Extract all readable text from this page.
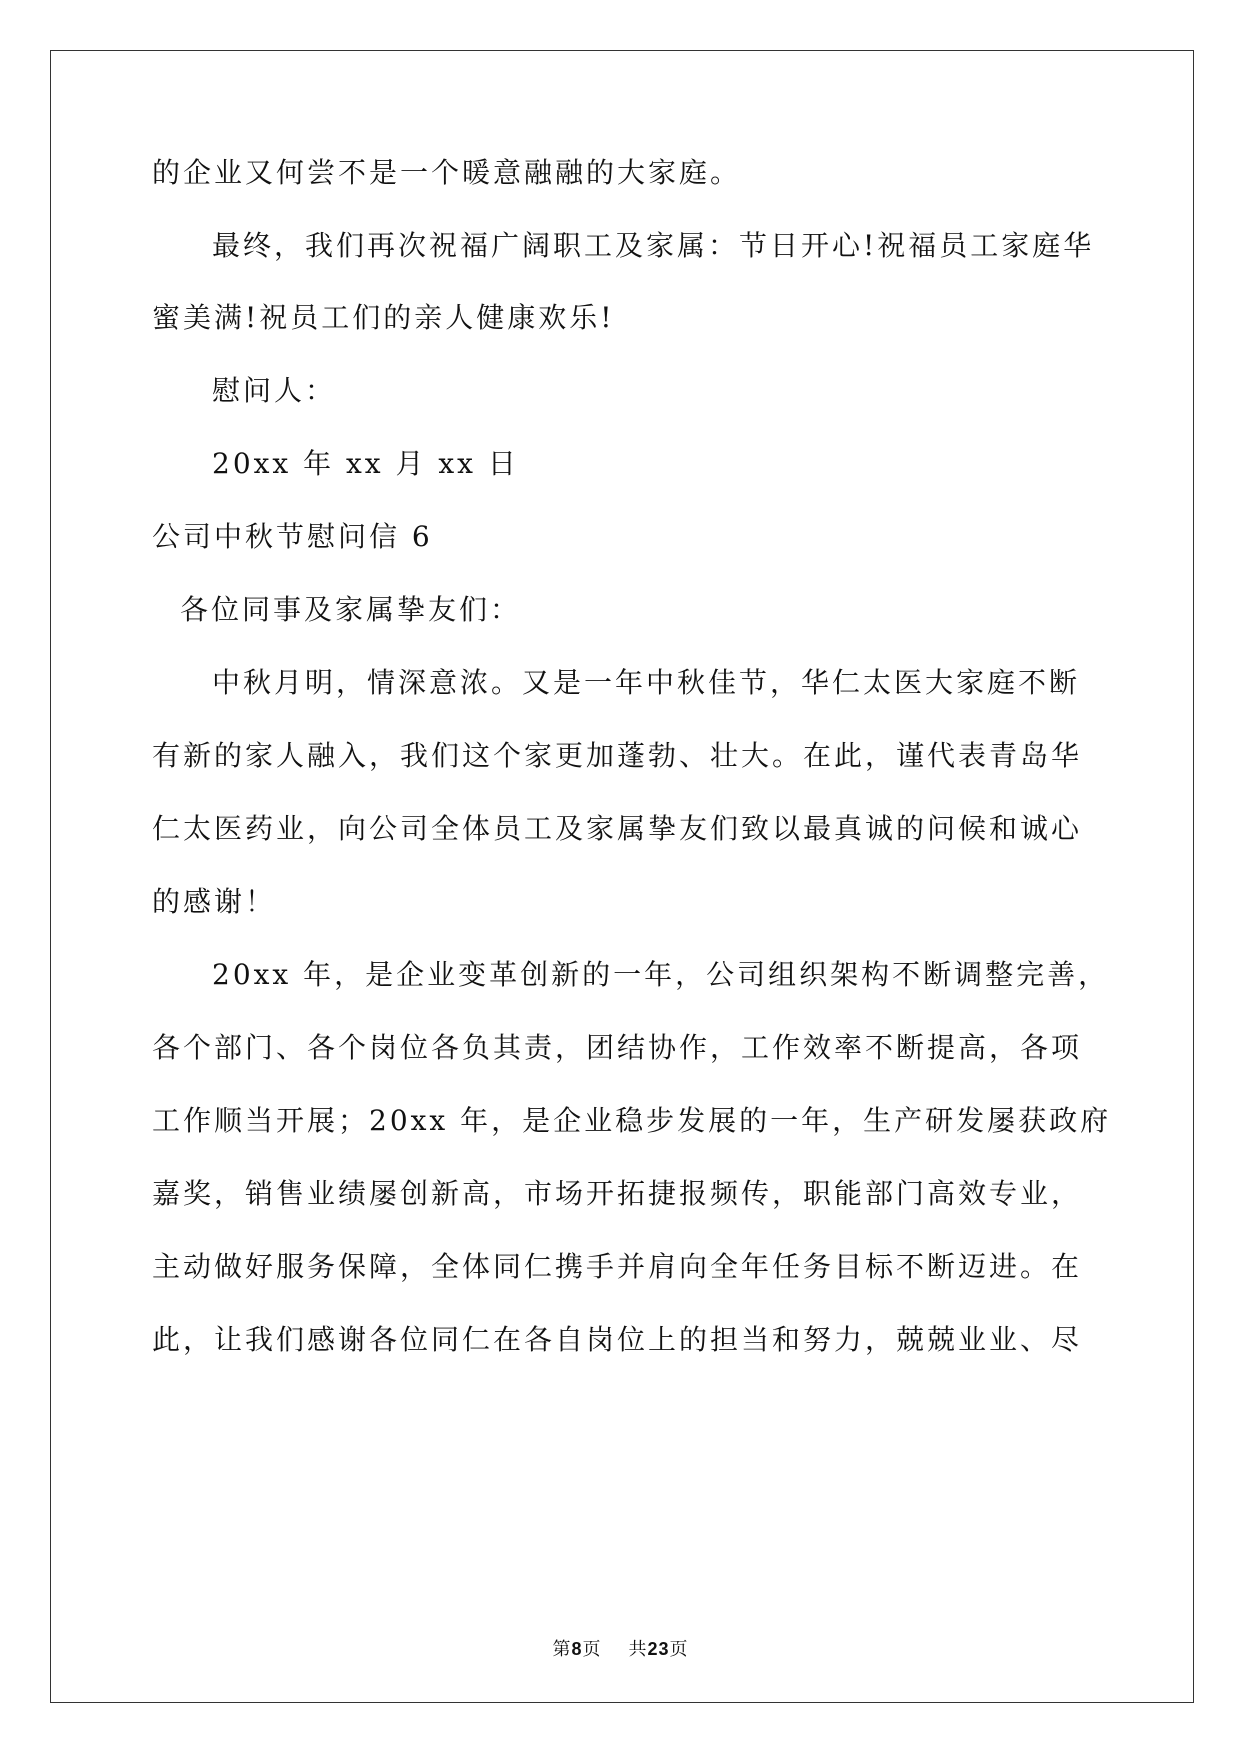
的企业又何尝不是一个暖意融融的大家庭。
最终，我们再次祝福广阔职工及家属：节日开心!祝福员工家庭华
蜜美满!祝员工们的亲人健康欢乐!
慰问人：
20xx 年 xx 月 xx 日
公司中秋节慰问信 6
各位同事及家属挚友们：
中秋月明，情深意浓。又是一年中秋佳节，华仁太医大家庭不断
有新的家人融入，我们这个家更加蓬勃、壮大。在此，谨代表青岛华
仁太医药业，向公司全体员工及家属挚友们致以最真诚的问候和诚心
的感谢！
20xx 年，是企业变革创新的一年，公司组织架构不断调整完善，
各个部门、各个岗位各负其责，团结协作，工作效率不断提高，各项
工作顺当开展；20xx 年，是企业稳步发展的一年，生产研发屡获政府
嘉奖，销售业绩屡创新高，市场开拓捷报频传，职能部门高效专业，
主动做好服务保障，全体同仁携手并肩向全年任务目标不断迈进。在
此，让我们感谢各位同仁在各自岗位上的担当和努力，兢兢业业、尽
第8页 共23页
